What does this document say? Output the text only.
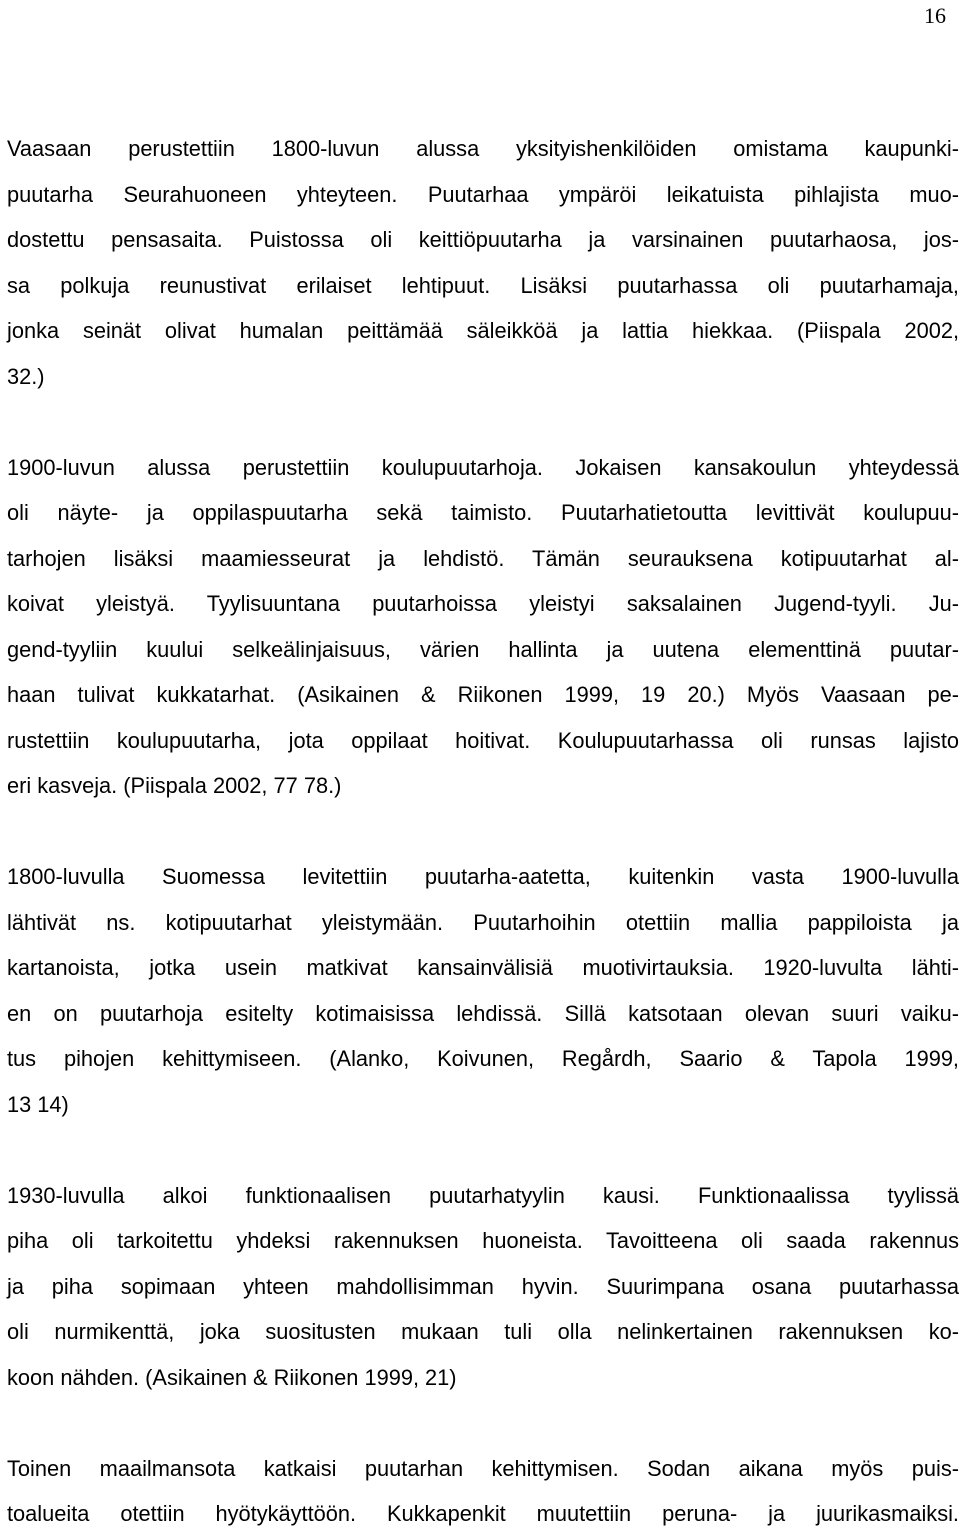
16
Vaasaan perustettiin 1800-luvun alussa yksityishenkilöiden omistama kaupunki-
puutarha Seurahuoneen yhteyteen. Puutarhaa ympäröi leikatuista pihlajista muo-
dostettu pensasaita. Puistossa oli keittiöpuutarha ja varsinainen puutarhaosa, jos-
sa polkuja reunustivat erilaiset lehtipuut. Lisäksi puutarhassa oli puutarhamaja,
jonka seinät olivat humalan peittämää säleikköä ja lattia hiekkaa. (Piispala 2002,
32.)
1900-luvun alussa perustettiin koulupuutarhoja. Jokaisen kansakoulun yhteydessä
oli näyte- ja oppilaspuutarha sekä taimisto. Puutarhatietoutta levittivät koulupuu-
tarhojen lisäksi maamiesseurat ja lehdistö. Tämän seurauksena kotipuutarhat al-
koivat yleistyä. Tyylisuuntana puutarhoissa yleistyi saksalainen Jugend-tyyli. Ju-
gend-tyyliin kuului selkeälinjaisuus, värien hallinta ja uutena elementtinä puutar-
haan tulivat kukkatarhat. (Asikainen & Riikonen 1999, 19 20.) Myös Vaasaan pe-
rustettiin koulupuutarha, jota oppilaat hoitivat. Koulupuutarhassa oli runsas lajisto
eri kasveja. (Piispala 2002, 77 78.)
1800-luvulla Suomessa levitettiin puutarha-aatetta, kuitenkin vasta 1900-luvulla
lähtivät ns. kotipuutarhat yleistymään. Puutarhoihin otettiin mallia pappiloista ja
kartanoista, jotka usein matkivat kansainvälisiä muotivirtauksia. 1920-luvulta lähti-
en on puutarhoja esitelty kotimaisissa lehdissä. Sillä katsotaan olevan suuri vaiku-
tus pihojen kehittymiseen. (Alanko, Koivunen, Regårdh, Saario & Tapola 1999,
13 14)
1930-luvulla alkoi funktionaalisen puutarhatyylin kausi. Funktionaalissa tyylissä
piha oli tarkoitettu yhdeksi rakennuksen huoneista. Tavoitteena oli saada rakennus
ja piha sopimaan yhteen mahdollisimman hyvin. Suurimpana osana puutarhassa
oli nurmikenttä, joka suositusten mukaan tuli olla nelinkertainen rakennuksen ko-
koon nähden. (Asikainen & Riikonen 1999, 21)
Toinen maailmansota katkaisi puutarhan kehittymisen. Sodan aikana myös puis-
toalueita otettiin hyötykäyttöön. Kukkapenkit muutettiin peruna- ja juurikasmaiksi.
